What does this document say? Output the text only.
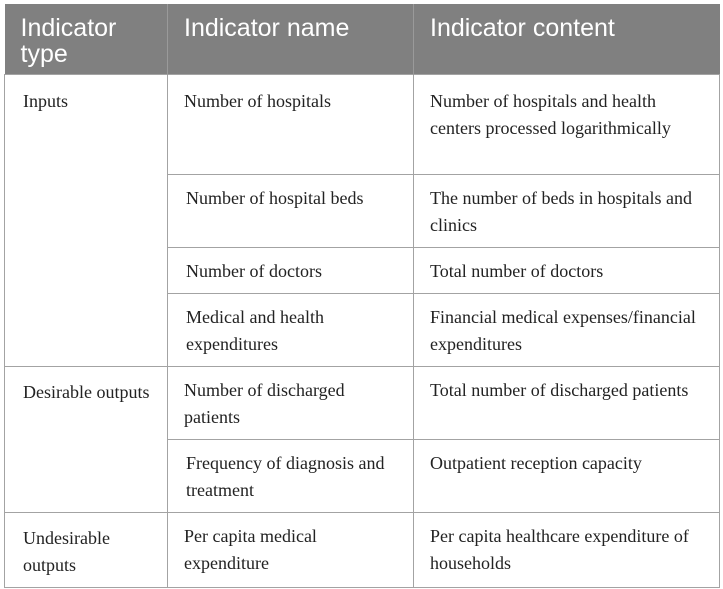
Indicator type	Indicator name	Indicator content
Inputs	Number of hospitals	Number of hospitals and health centers processed logarithmically
	Number of hospital beds	The number of beds in hospitals and clinics
	Number of doctors	Total number of doctors
	Medical and health expenditures	Financial medical expenses/financial expenditures
Desirable outputs	Number of discharged patients	Total number of discharged patients
	Frequency of diagnosis and treatment	Outpatient reception capacity
Undesirable outputs	Per capita medical expenditure	Per capita healthcare expenditure of households
